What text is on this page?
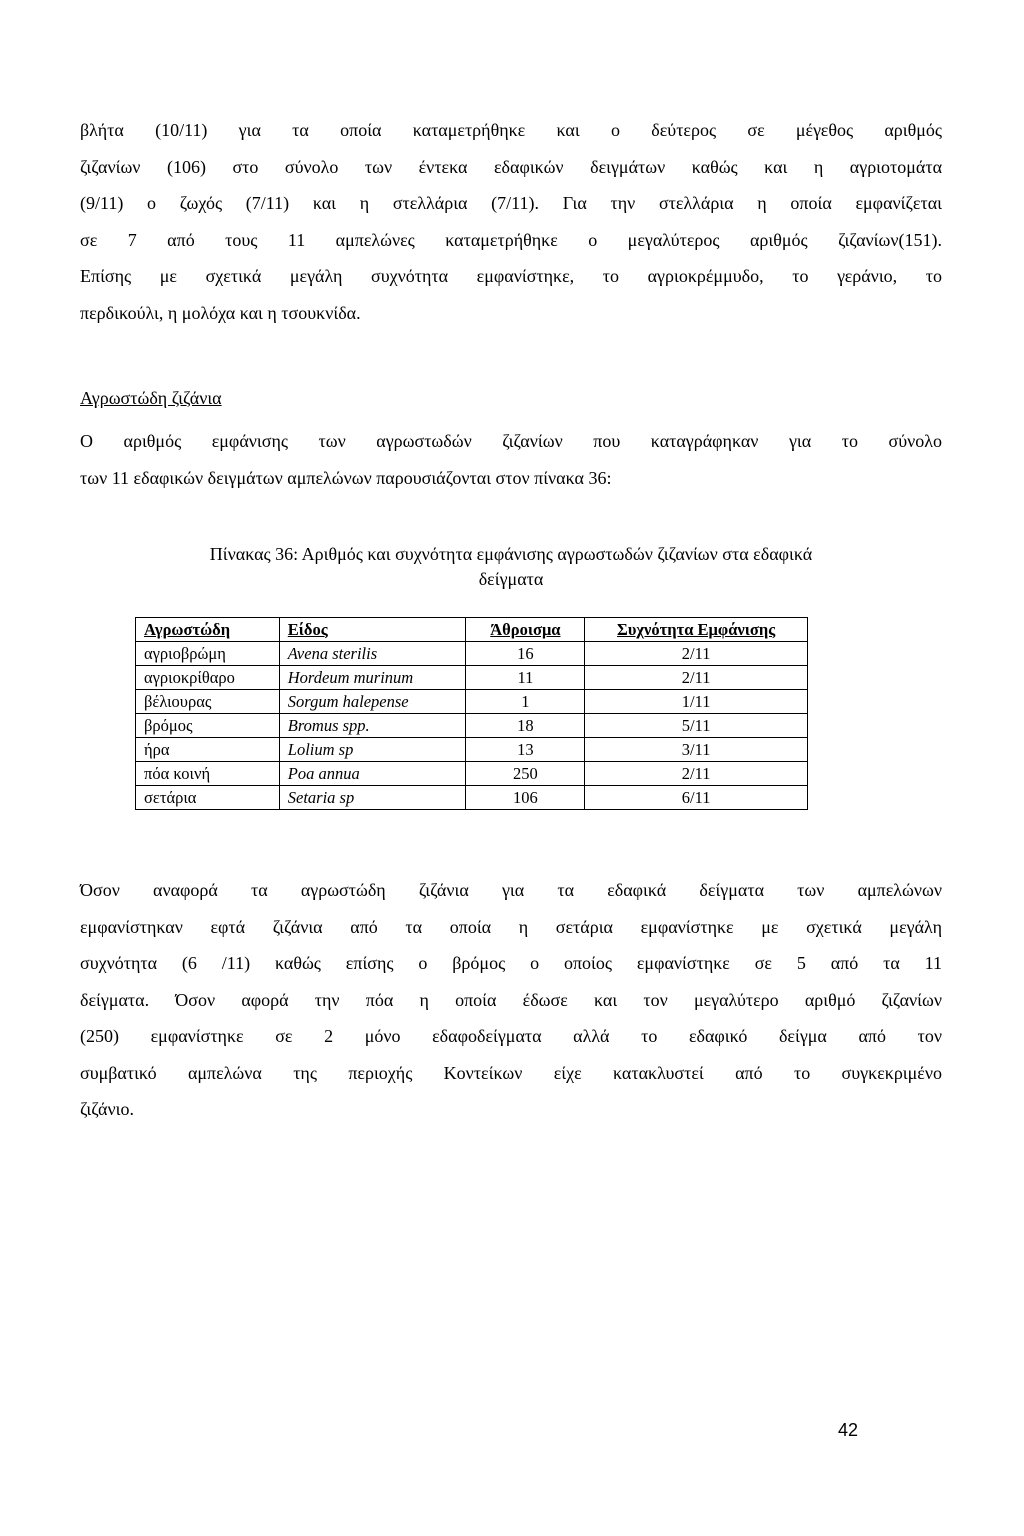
βλήτα (10/11) για τα οποία καταμετρήθηκε και ο δεύτερος σε μέγεθος αριθμός
ζιζανίων (106) στο σύνολο των έντεκα εδαφικών δειγμάτων καθώς και η αγριοτομάτα
(9/11) ο ζωχός (7/11) και η στελλάρια (7/11). Για την στελλάρια η οποία εμφανίζεται
σε 7 από τους 11 αμπελώνες καταμετρήθηκε ο μεγαλύτερος αριθμός ζιζανίων(151).
Επίσης με σχετικά μεγάλη συχνότητα εμφανίστηκε, το αγριοκρέμμυδο, το γεράνιο, το
περδικούλι, η μολόχα και η τσουκνίδα.

Αγρωστώδη ζιζάνια

Ο αριθμός εμφάνισης των αγρωστωδών ζιζανίων που καταγράφηκαν για το σύνολο
των 11 εδαφικών δειγμάτων αμπελώνων παρουσιάζονται στον πίνακα 36:

Πίνακας 36: Αριθμός και συχνότητα εμφάνισης αγρωστωδών ζιζανίων στα εδαφικά
δείγματα

Αγρωστώδη	Είδος	Άθροισμα	Συχνότητα Εμφάνισης
αγριοβρώμη	Avena sterilis	16	2/11
αγριοκρίθαρο	Hordeum murinum	11	2/11
βέλιουρας	Sorgum halepense	1	1/11
βρόμος	Bromus spp.	18	5/11
ήρα	Lolium sp	13	3/11
πόα κοινή	Poa annua	250	2/11
σετάρια	Setaria sp	106	6/11

Όσον αναφορά τα αγρωστώδη ζιζάνια για τα εδαφικά δείγματα των αμπελώνων
εμφανίστηκαν εφτά ζιζάνια από τα οποία η σετάρια εμφανίστηκε με σχετικά μεγάλη
συχνότητα (6 /11) καθώς επίσης ο βρόμος ο οποίος εμφανίστηκε σε 5 από τα 11
δείγματα. Όσον αφορά την πόα η οποία έδωσε και τον μεγαλύτερο αριθμό ζιζανίων
(250) εμφανίστηκε σε 2 μόνο εδαφοδείγματα αλλά το εδαφικό δείγμα από τον
συμβατικό αμπελώνα της περιοχής Κοντείκων είχε κατακλυστεί από το συγκεκριμένο
ζιζάνιο.

42
